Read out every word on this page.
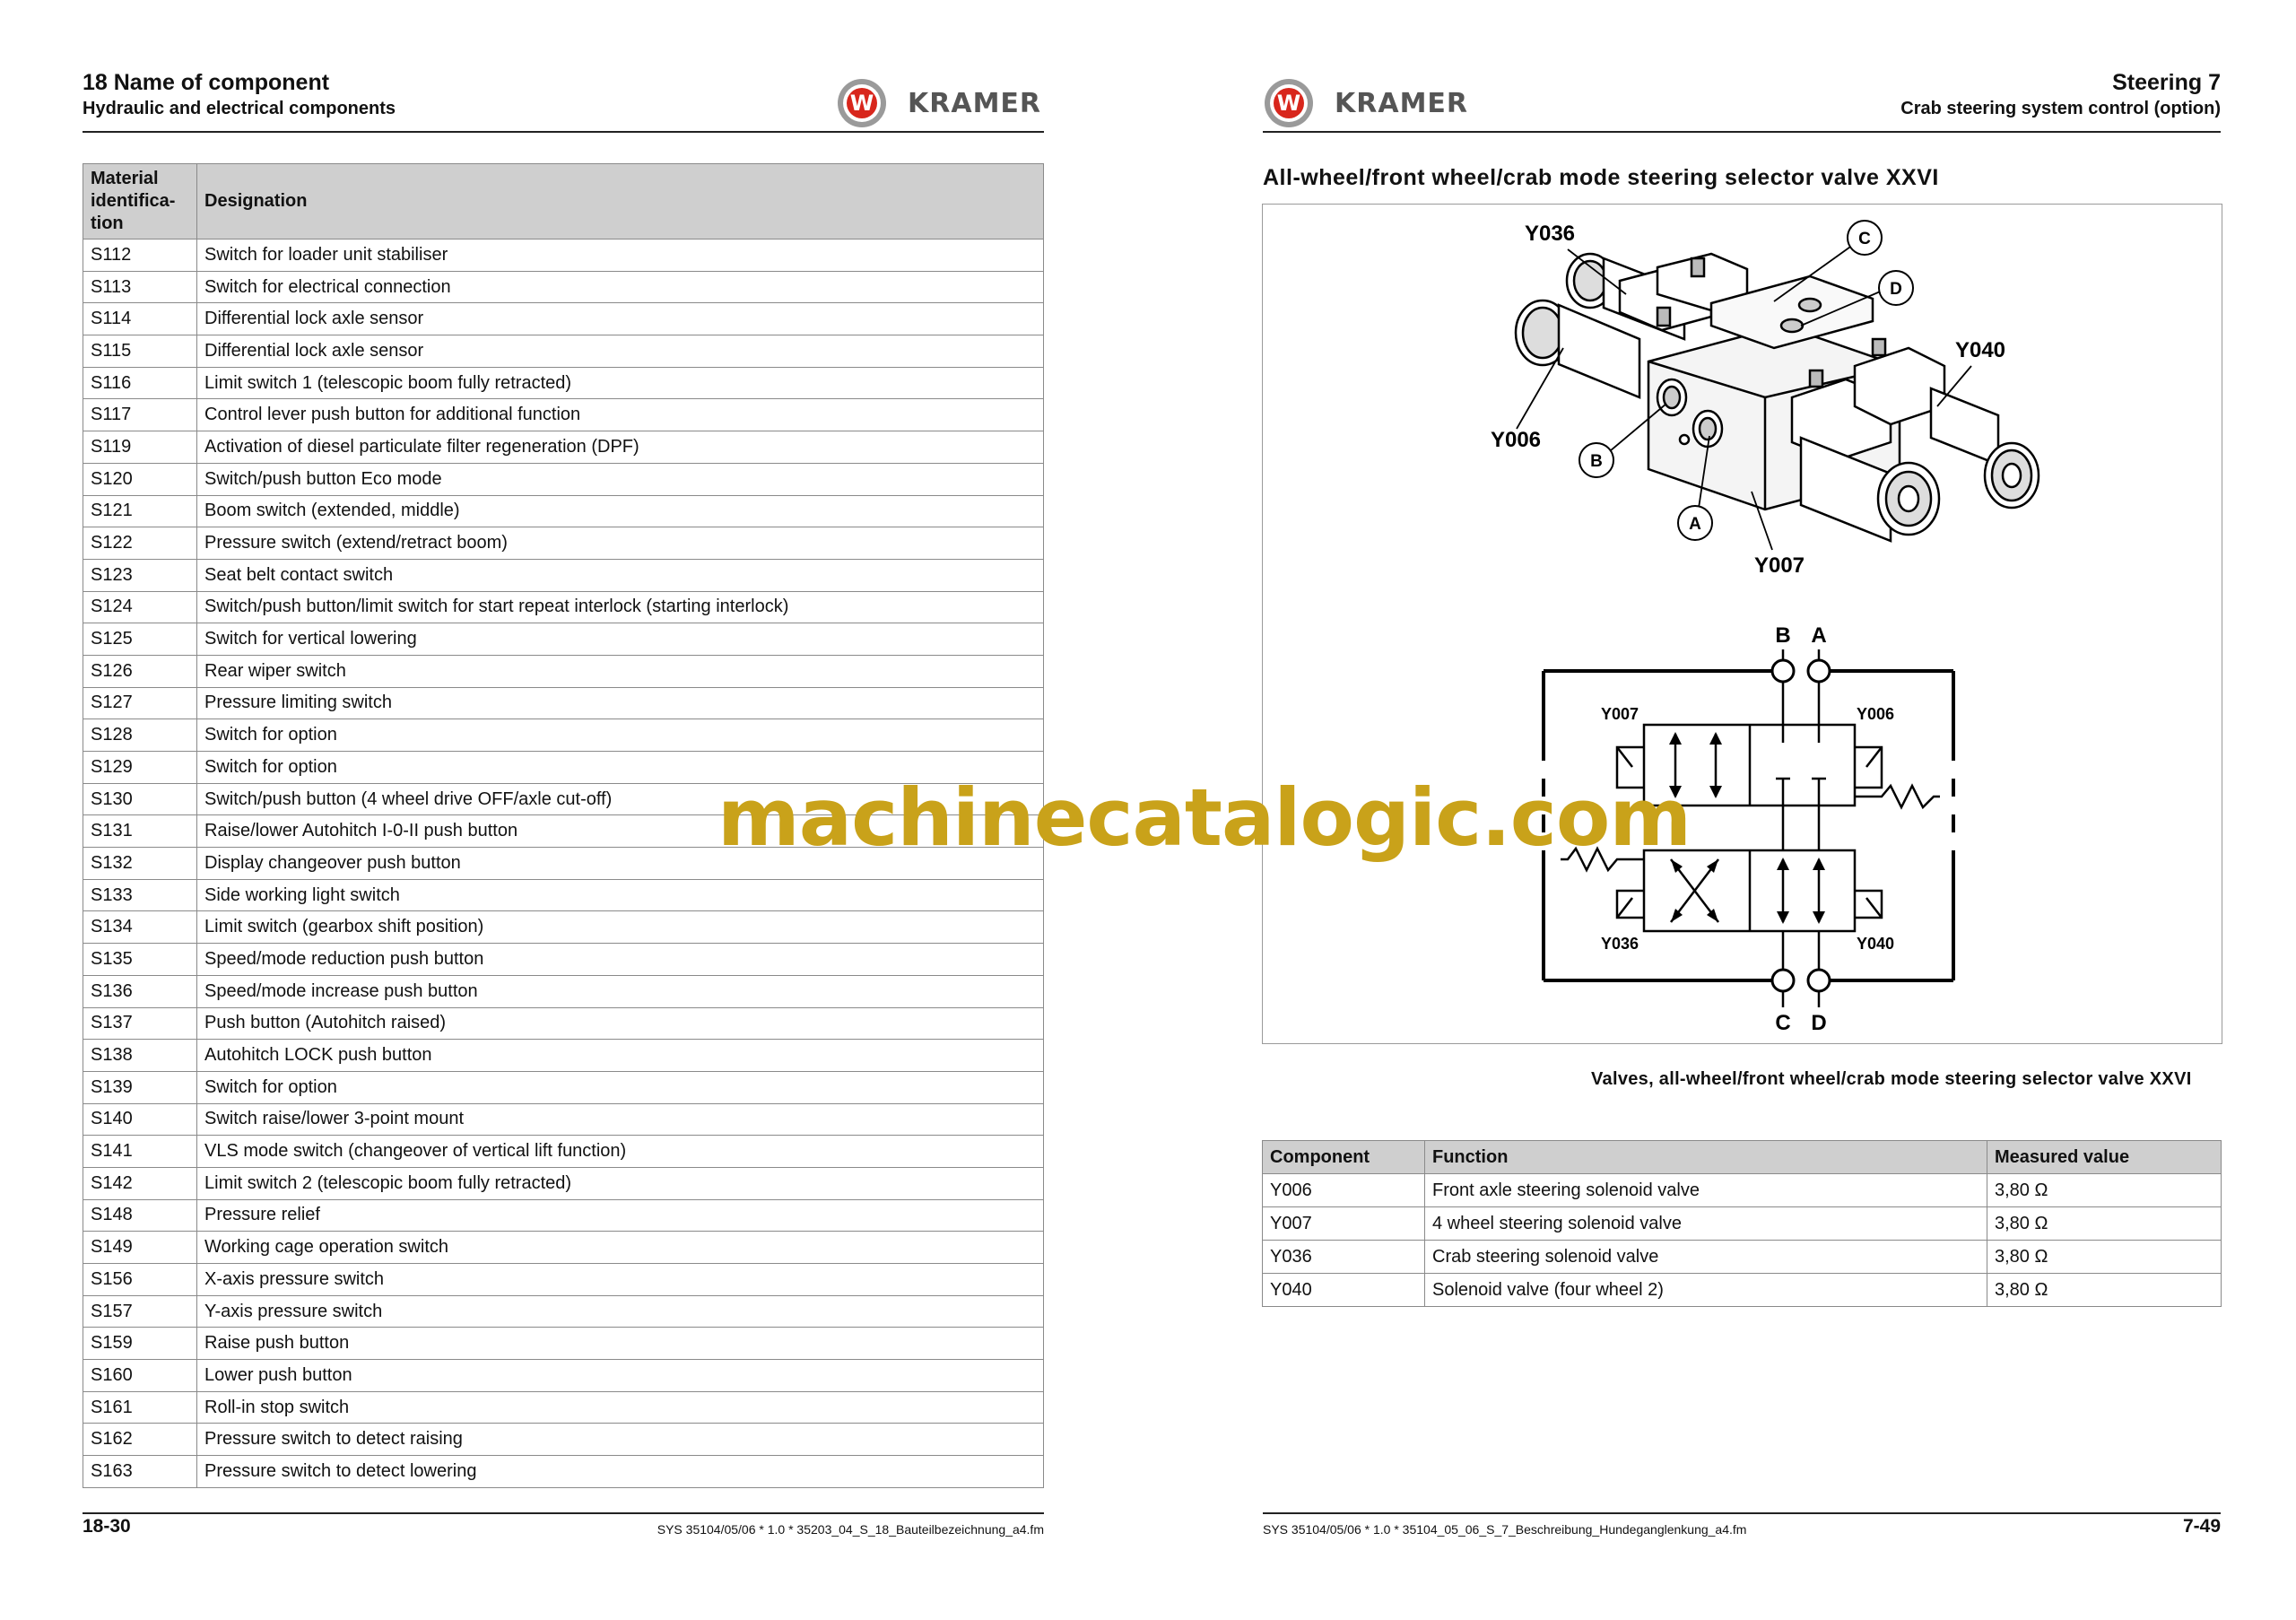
18 Name of component
Hydraulic and electrical components	W KRAMER
Material identifica-tion	Designation
S112	Switch for loader unit stabiliser
S113	Switch for electrical connection
S114	Differential lock axle sensor
S115	Differential lock axle sensor
S116	Limit switch 1 (telescopic boom fully retracted)
S117	Control lever push button for additional function
S119	Activation of diesel particulate filter regeneration (DPF)
S120	Switch/push button Eco mode
S121	Boom switch (extended, middle)
S122	Pressure switch (extend/retract boom)
S123	Seat belt contact switch
S124	Switch/push button/limit switch for start repeat interlock (starting interlock)
S125	Switch for vertical lowering
S126	Rear wiper switch
S127	Pressure limiting switch
S128	Switch for option
S129	Switch for option
S130	Switch/push button (4 wheel drive OFF/axle cut-off)
S131	Raise/lower Autohitch I-0-II push button
S132	Display changeover push button
S133	Side working light switch
S134	Limit switch (gearbox shift position)
S135	Speed/mode reduction push button
S136	Speed/mode increase push button
S137	Push button (Autohitch raised)
S138	Autohitch LOCK push button
S139	Switch for option
S140	Switch raise/lower 3-point mount
S141	VLS mode switch (changeover of vertical lift function)
S142	Limit switch 2 (telescopic boom fully retracted)
S148	Pressure relief
S149	Working cage operation switch
S156	X-axis pressure switch
S157	Y-axis pressure switch
S159	Raise push button
S160	Lower push button
S161	Roll-in stop switch
S162	Pressure switch to detect raising
S163	Pressure switch to detect lowering
18-30	SYS 35104/05/06 * 1.0 * 35203_04_S_18_Bauteilbezeichnung_a4.fm
W KRAMER
Steering 7
Crab steering system control (option)
All-wheel/front wheel/crab mode steering selector valve XXVI
C
D
B
A
Y036
Y006
Y040
Y007
B A
C D
Y007	Y006
Y036	Y040
Valves, all-wheel/front wheel/crab mode steering selector valve XXVI
Component	Function	Measured value
Y006	Front axle steering solenoid valve	3,80 Ω
Y007	4 wheel steering solenoid valve	3,80 Ω
Y036	Crab steering solenoid valve	3,80 Ω
Y040	Solenoid valve (four wheel 2)	3,80 Ω
SYS 35104/05/06 * 1.0 * 35104_05_06_S_7_Beschreibung_Hundeganglenkung_a4.fm	7-49
machinecatalogic.com
